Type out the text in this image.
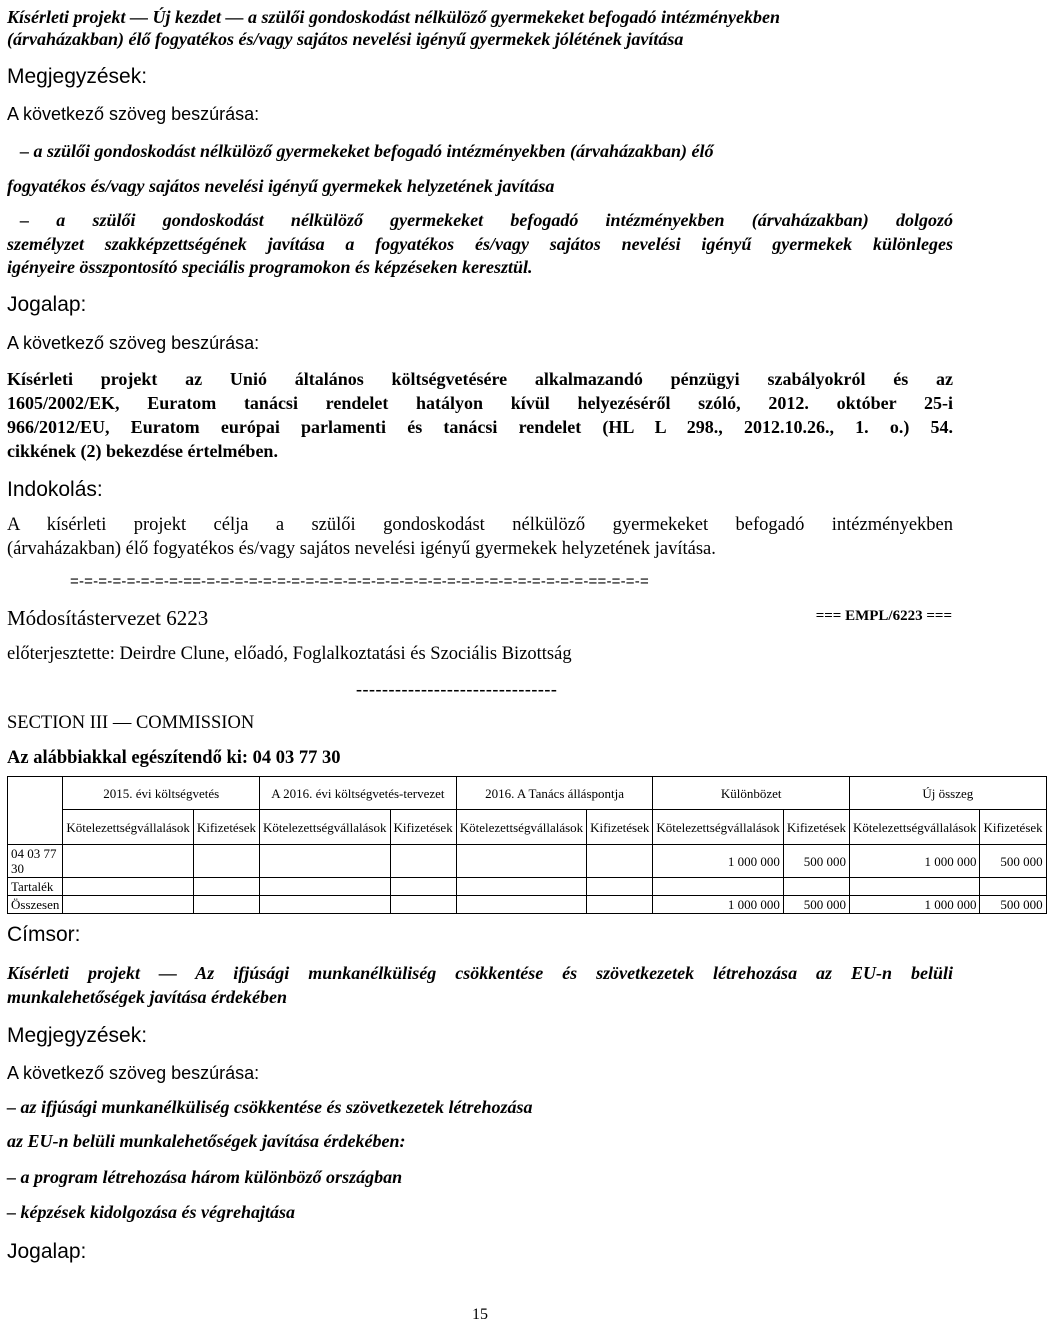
Kísérleti projekt — Új kezdet — a szülői gondoskodást nélkülöző gyermekeket befogadó intézményekben
(árvaházakban) élő fogyatékos és/vagy sajátos nevelési igényű gyermekek jólétének javítása
Megjegyzések:
A következő szöveg beszúrása:
– a szülői gondoskodást nélkülöző gyermekeket befogadó intézményekben (árvaházakban) élő
fogyatékos és/vagy sajátos nevelési igényű gyermekek helyzetének javítása
– a szülői gondoskodást nélkülöző gyermekeket befogadó intézményekben (árvaházakban) dolgozó
személyzet szakképzettségének javítása a fogyatékos és/vagy sajátos nevelési igényű gyermekek különleges
igényeire összpontosító speciális programokon és képzéseken keresztül.
Jogalap:
A következő szöveg beszúrása:
Kísérleti projekt az Unió általános költségvetésére alkalmazandó pénzügyi szabályokról és az
1605/2002/EK, Euratom tanácsi rendelet hatályon kívül helyezéséről szóló, 2012. október 25-i
966/2012/EU, Euratom európai parlamenti és tanácsi rendelet (HL L 298., 2012.10.26., 1. o.) 54.
cikkének (2) bekezdése értelmében.
Indokolás:
A kísérleti projekt célja a szülői gondoskodást nélkülöző gyermekeket befogadó intézményekben
(árvaházakban) élő fogyatékos és/vagy sajátos nevelési igényű gyermekek helyzetének javítása.
=-=-=-=-=-=-=-=-==-=-=-=-=-=-=-=-=-=-=-=-=-=-=-=-=-=-=-=-=-=-=-=-=-=-=-=-==-=-=-=
Módosítástervezet 6223	=== EMPL/6223 ===
előterjesztette: Deirdre Clune, előadó, Foglalkoztatási és Szociális Bizottság
-------------------------------
SECTION III — COMMISSION
Az alábbiakkal egészítendő ki: 04 03 77 30
	2015. évi költségvetés		A 2016. évi költségvetés-tervezet		2016. A Tanács álláspontja		Különbözet		Új összeg	
	Kötelezettségvállalások	Kifizetések	Kötelezettségvállalások	Kifizetések	Kötelezettségvállalások	Kifizetések	Kötelezettségvállalások	Kifizetések	Kötelezettségvállalások	Kifizetések
04 03 77 30							1 000 000	500 000	1 000 000	500 000
Tartalék										
Összesen							1 000 000	500 000	1 000 000	500 000
Címsor:
Kísérleti projekt — Az ifjúsági munkanélküliség csökkentése és szövetkezetek létrehozása az EU-n belüli
munkalehetőségek javítása érdekében
Megjegyzések:
A következő szöveg beszúrása:
– az ifjúsági munkanélküliség csökkentése és szövetkezetek létrehozása
az EU-n belüli munkalehetőségek javítása érdekében:
– a program létrehozása három különböző országban
– képzések kidolgozása és végrehajtása
Jogalap:
15
